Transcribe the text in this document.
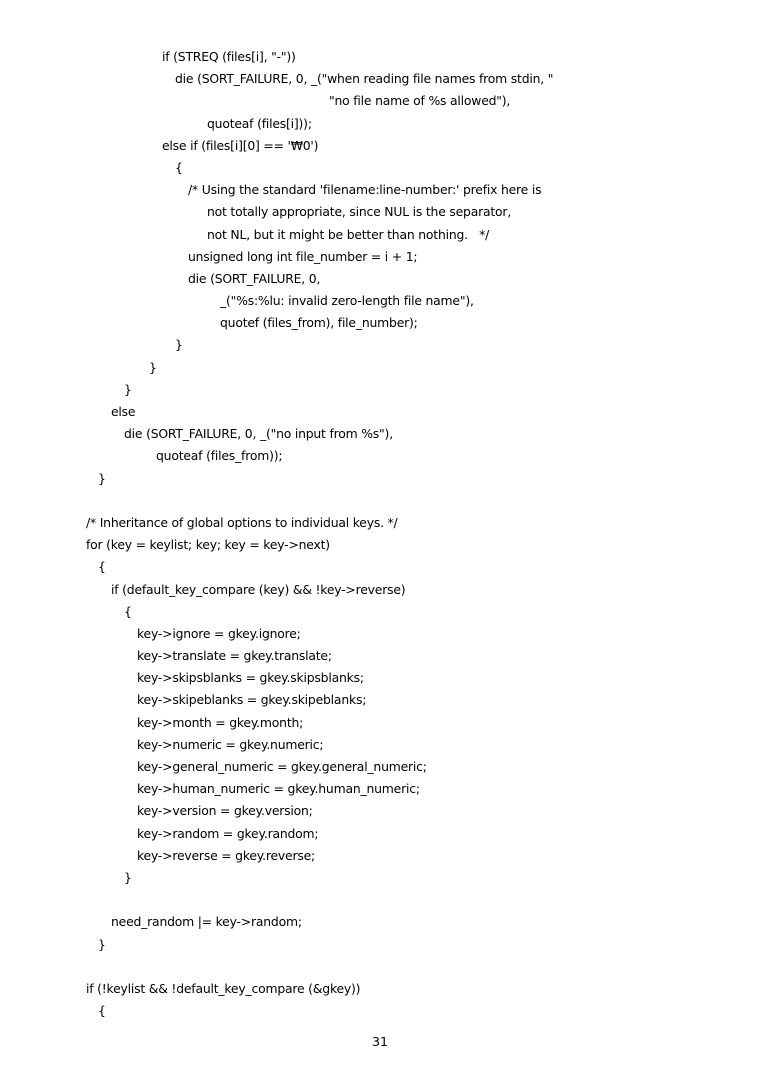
if (STREQ (files[i], "-"))
die (SORT_FAILURE, 0, _("when reading file names from stdin, "
"no file name of %s allowed"),
quoteaf (files[i]));
else if (files[i][0] == '₩0')
{
/* Using the standard 'filename:line-number:' prefix here is
not totally appropriate, since NUL is the separator,
not NL, but it might be better than nothing.   */
unsigned long int file_number = i + 1;
die (SORT_FAILURE, 0,
_("%s:%lu: invalid zero-length file name"),
quotef (files_from), file_number);
}
}
}
else
die (SORT_FAILURE, 0, _("no input from %s"),
quoteaf (files_from));
}
/* Inheritance of global options to individual keys. */
for (key = keylist; key; key = key->next)
{
if (default_key_compare (key) && !key->reverse)
{
key->ignore = gkey.ignore;
key->translate = gkey.translate;
key->skipsblanks = gkey.skipsblanks;
key->skipeblanks = gkey.skipeblanks;
key->month = gkey.month;
key->numeric = gkey.numeric;
key->general_numeric = gkey.general_numeric;
key->human_numeric = gkey.human_numeric;
key->version = gkey.version;
key->random = gkey.random;
key->reverse = gkey.reverse;
}
need_random |= key->random;
}
if (!keylist && !default_key_compare (&gkey))
{
31
